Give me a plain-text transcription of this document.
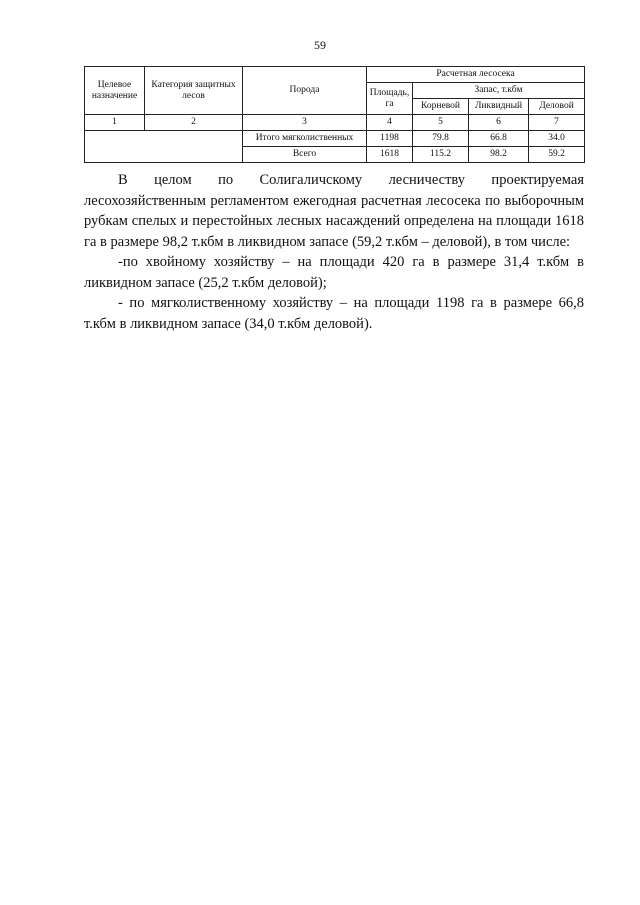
59
Целевое назначение	Категория защитных лесов	Порода	Расчетная лесосека			
			Площадь, га	Запас, т.кбм		
				Корневой	Ликвидный	Деловой
1	2	3	4	5	6	7
		Итого мягколиственных	1198	79.8	66.8	34.0
		Всего	1618	115.2	98.2	59.2

В целом по Солигаличскому лесничеству проектируемая лесохозяйственным регламентом ежегодная расчетная лесосека по выборочным рубкам спелых и перестойных лесных насаждений определена на площади 1618 га в размере 98,2 т.кбм в ликвидном запасе (59,2 т.кбм – деловой), в том числе:

-по хвойному хозяйству – на площади 420 га в размере 31,4 т.кбм в ликвидном запасе (25,2 т.кбм деловой);

- по мягколиственному хозяйству – на площади 1198 га в размере 66,8 т.кбм в ликвидном запасе (34,0 т.кбм деловой).
